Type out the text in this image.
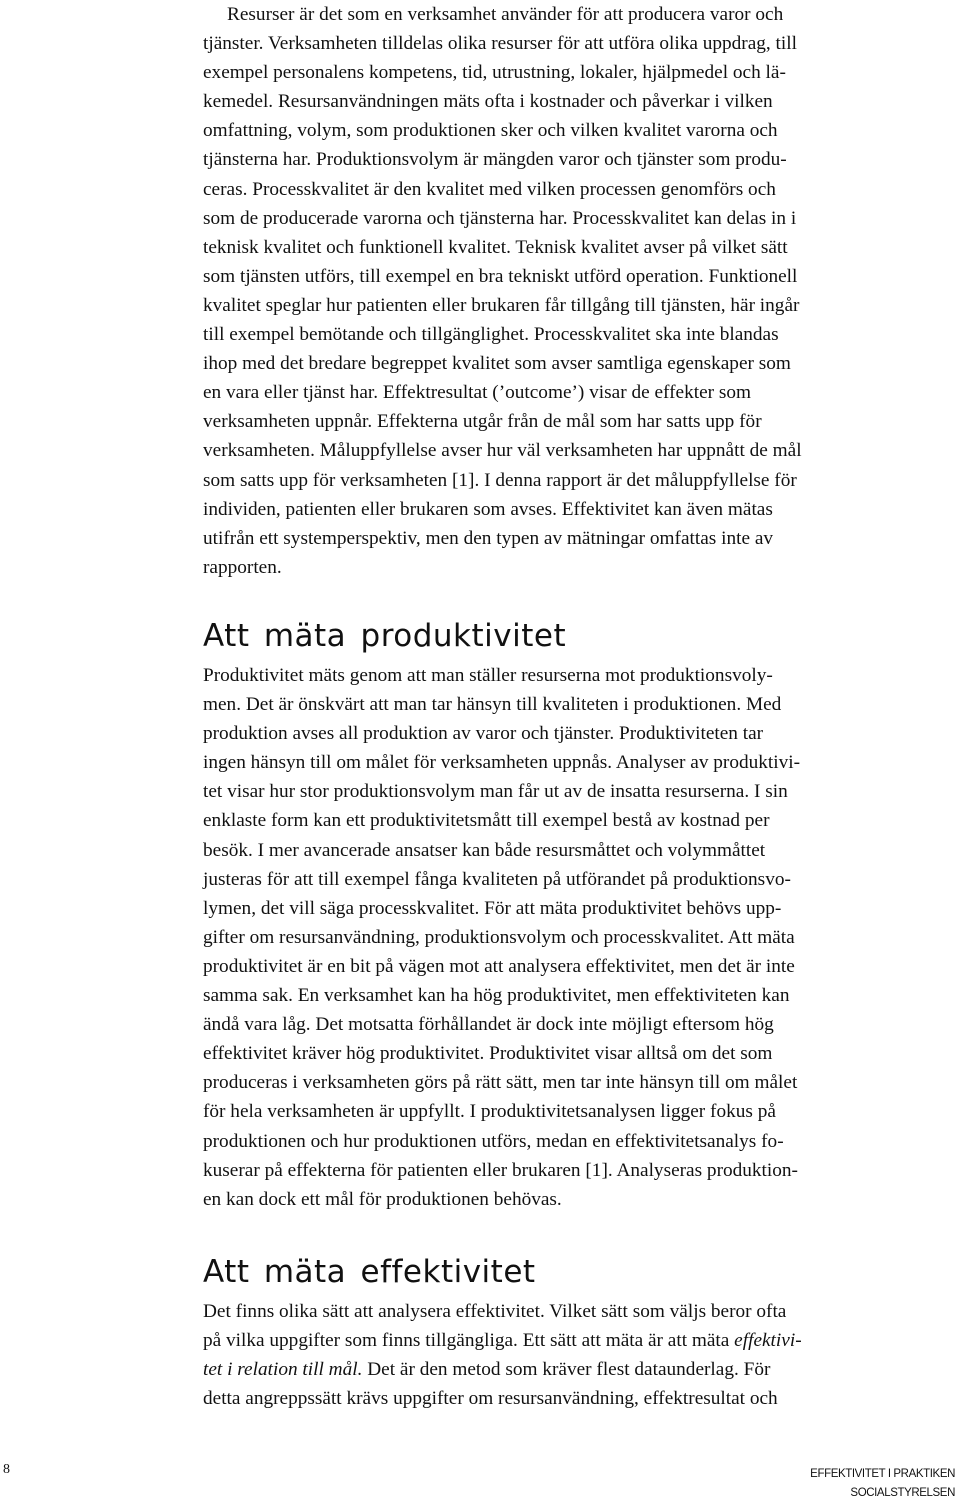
Resurser är det som en verksamhet använder för att producera varor och
tjänster. Verksamheten tilldelas olika resurser för att utföra olika uppdrag, till
exempel personalens kompetens, tid, utrustning, lokaler, hjälpmedel och lä-
kemedel. Resursanvändningen mäts ofta i kostnader och påverkar i vilken
omfattning, volym, som produktionen sker och vilken kvalitet varorna och
tjänsterna har. Produktionsvolym är mängden varor och tjänster som produ-
ceras. Processkvalitet är den kvalitet med vilken processen genomförs och
som de producerade varorna och tjänsterna har. Processkvalitet kan delas in i
teknisk kvalitet och funktionell kvalitet. Teknisk kvalitet avser på vilket sätt
som tjänsten utförs, till exempel en bra tekniskt utförd operation. Funktionell
kvalitet speglar hur patienten eller brukaren får tillgång till tjänsten, här ingår
till exempel bemötande och tillgänglighet. Processkvalitet ska inte blandas
ihop med det bredare begreppet kvalitet som avser samtliga egenskaper som
en vara eller tjänst har. Effektresultat (’outcome’) visar de effekter som
verksamheten uppnår. Effekterna utgår från de mål som har satts upp för
verksamheten. Måluppfyllelse avser hur väl verksamheten har uppnått de mål
som satts upp för verksamheten [1]. I denna rapport är det måluppfyllelse för
individen, patienten eller brukaren som avses. Effektivitet kan även mätas
utifrån ett systemperspektiv, men den typen av mätningar omfattas inte av
rapporten.
Att mäta produktivitet
Produktivitet mäts genom att man ställer resurserna mot produktionsvoly-
men. Det är önskvärt att man tar hänsyn till kvaliteten i produktionen. Med
produktion avses all produktion av varor och tjänster. Produktiviteten tar
ingen hänsyn till om målet för verksamheten uppnås. Analyser av produktivi-
tet visar hur stor produktionsvolym man får ut av de insatta resurserna. I sin
enklaste form kan ett produktivitetsmått till exempel bestå av kostnad per
besök. I mer avancerade ansatser kan både resursmåttet och volymmåttet
justeras för att till exempel fånga kvaliteten på utförandet på produktionsvo-
lymen, det vill säga processkvalitet. För att mäta produktivitet behövs upp-
gifter om resursanvändning, produktionsvolym och processkvalitet. Att mäta
produktivitet är en bit på vägen mot att analysera effektivitet, men det är inte
samma sak. En verksamhet kan ha hög produktivitet, men effektiviteten kan
ändå vara låg. Det motsatta förhållandet är dock inte möjligt eftersom hög
effektivitet kräver hög produktivitet. Produktivitet visar alltså om det som
produceras i verksamheten görs på rätt sätt, men tar inte hänsyn till om målet
för hela verksamheten är uppfyllt. I produktivitetsanalysen ligger fokus på
produktionen och hur produktionen utförs, medan en effektivitetsanalys fo-
kuserar på effekterna för patienten eller brukaren [1]. Analyseras produktion-
en kan dock ett mål för produktionen behövas.
Att mäta effektivitet
Det finns olika sätt att analysera effektivitet. Vilket sätt som väljs beror ofta
på vilka uppgifter som finns tillgängliga. Ett sätt att mäta är att mäta effektivi-
tet i relation till mål. Det är den metod som kräver flest dataunderlag. För
detta angreppssätt krävs uppgifter om resursanvändning, effektresultat och
8	EFFEKTIVITET I PRAKTIKEN
SOCIALSTYRELSEN
